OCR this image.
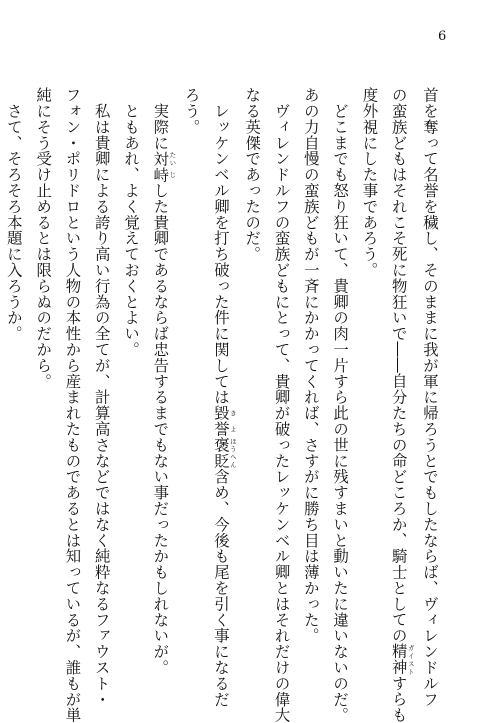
6
首を奪って名誉を穢し、そのままに我が軍に帰ろうとでもしたならば、ヴィレンドルフ
の蛮族どもはそれこそ死に物狂いで――自分たちの命どころか、騎士としての精神 ガイストすらも
度外視にした事であろう。
　どこまでも怒り狂いて、貴卿の肉一片すら此の世に残すまいと動いたに違いないのだ。
あの力自慢の蛮族どもが一斉にかかってくれば、さすがに勝ち目は薄かった。
　ヴィレンドルフの蛮族どもにとって、貴卿が破ったレッケンベル卿とはそれだけの偉大
なる英傑であったのだ。
　レッケンベル卿を打ち破った件に関しては毀 き誉 よ褒 ほう貶 へん含め、今後も尾を引く事になるだ
ろう。
　実際に対 たい峙 じした貴卿であるならば忠告するまでもない事だったかもしれないが。
　ともあれ、よく覚えておくとよい。
　私は貴卿による誇り高い行為の全てが、計算高さなどではなく純粋なるファウスト・
フォン・ポリドロという人物の本性から産まれたものであるとは知っているが、誰もが単
純にそう受け止めるとは限らぬのだから。
　さて、そろそろ本題に入ろうか。
